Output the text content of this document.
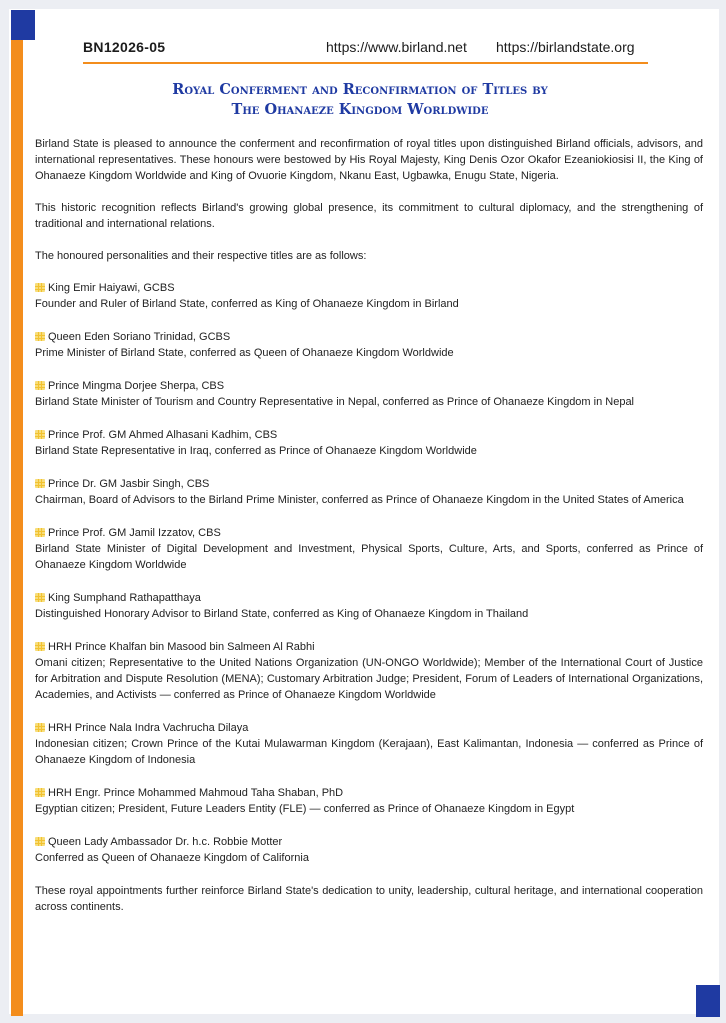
BN12026-05	https://www.birland.net https://birlandstate.org
Royal Conferment and Reconfirmation of Titles by
The Ohanaeze Kingdom Worldwide

Birland State is pleased to announce the conferment and reconfirmation of royal titles upon distinguished Birland officials, advisors, and international representatives. These honours were bestowed by His Royal Majesty, King Denis Ozor Okafor Ezeaniokiosisi II, the King of Ohanaeze Kingdom Worldwide and King of Ovuorie Kingdom, Nkanu East, Ugbawka, Enugu State, Nigeria.

This historic recognition reflects Birland's growing global presence, its commitment to cultural diplomacy, and the strengthening of traditional and international relations.

The honoured personalities and their respective titles are as follows:

King Emir Haiyawi, GCBS
Founder and Ruler of Birland State, conferred as King of Ohanaeze Kingdom in Birland
Queen Eden Soriano Trinidad, GCBS
Prime Minister of Birland State, conferred as Queen of Ohanaeze Kingdom Worldwide
Prince Mingma Dorjee Sherpa, CBS
Birland State Minister of Tourism and Country Representative in Nepal, conferred as Prince of Ohanaeze Kingdom in Nepal
Prince Prof. GM Ahmed Alhasani Kadhim, CBS
Birland State Representative in Iraq, conferred as Prince of Ohanaeze Kingdom Worldwide
Prince Dr. GM Jasbir Singh, CBS
Chairman, Board of Advisors to the Birland Prime Minister, conferred as Prince of Ohanaeze Kingdom in the United States of America
Prince Prof. GM Jamil Izzatov, CBS
Birland State Minister of Digital Development and Investment, Physical Sports, Culture, Arts, and Sports, conferred as Prince of Ohanaeze Kingdom Worldwide
King Sumphand Rathapatthaya
Distinguished Honorary Advisor to Birland State, conferred as King of Ohanaeze Kingdom in Thailand
HRH Prince Khalfan bin Masood bin Salmeen Al Rabhi
Omani citizen; Representative to the United Nations Organization (UN-ONGO Worldwide); Member of the International Court of Justice for Arbitration and Dispute Resolution (MENA); Customary Arbitration Judge; President, Forum of Leaders of International Organizations, Academies, and Activists — conferred as Prince of Ohanaeze Kingdom Worldwide
HRH Prince Nala Indra Vachrucha Dilaya
Indonesian citizen; Crown Prince of the Kutai Mulawarman Kingdom (Kerajaan), East Kalimantan, Indonesia — conferred as Prince of Ohanaeze Kingdom of Indonesia
HRH Engr. Prince Mohammed Mahmoud Taha Shaban, PhD
Egyptian citizen; President, Future Leaders Entity (FLE) — conferred as Prince of Ohanaeze Kingdom in Egypt
Queen Lady Ambassador Dr. h.c. Robbie Motter
Conferred as Queen of Ohanaeze Kingdom of California

These royal appointments further reinforce Birland State's dedication to unity, leadership, cultural heritage, and international cooperation across continents.
